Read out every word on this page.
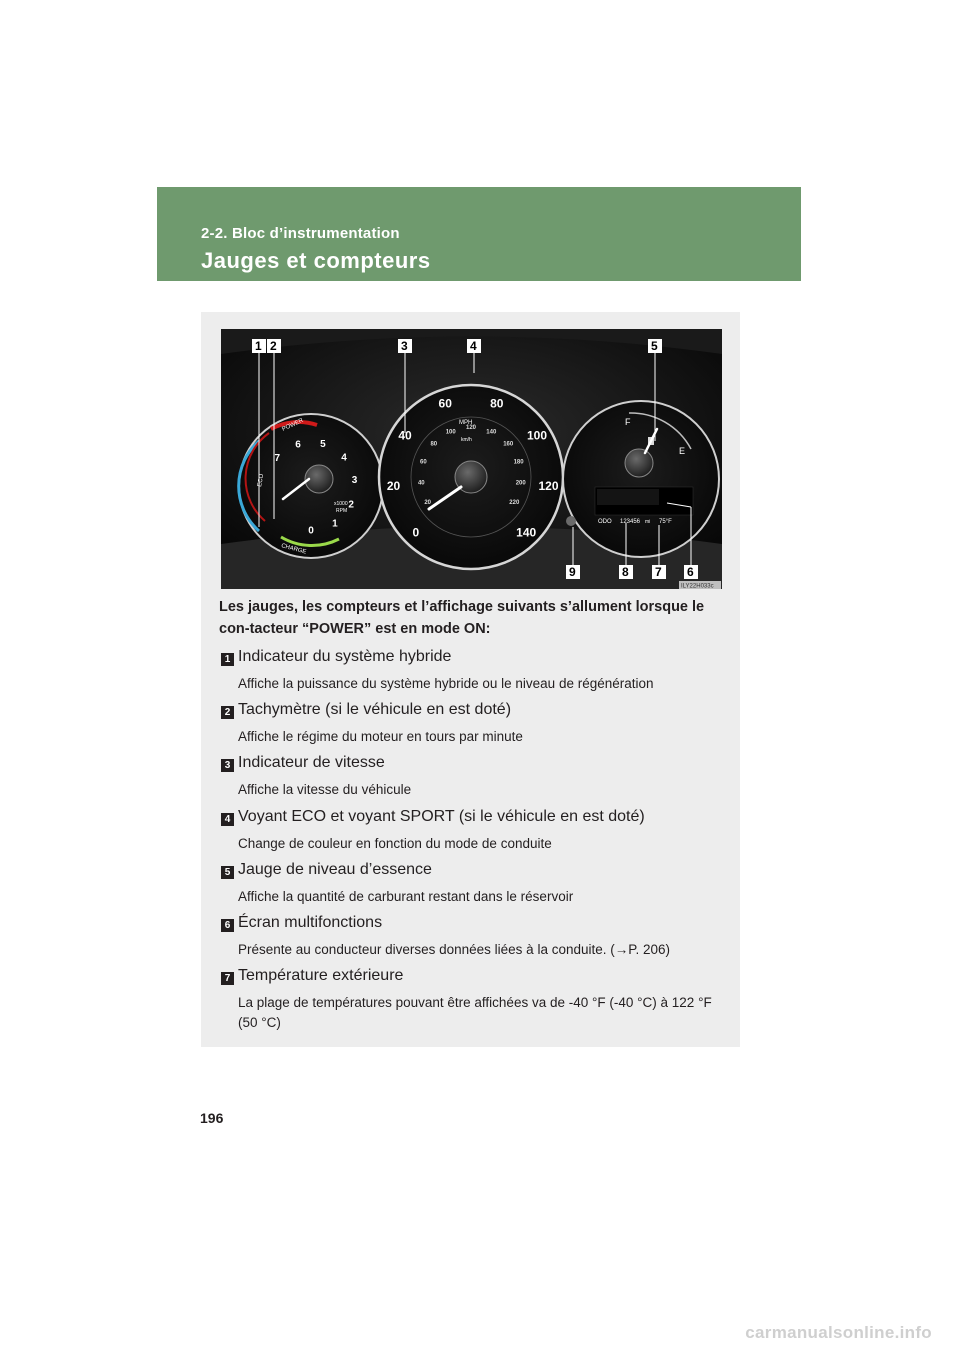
2-2. Bloc d’instrumentation
Jauges et compteurs
POWER
ECO
CHARGE
x1000
RPM
7
6 5
4
3
2
1
0
MPH
km/h
0
20
40
60	80
100
120
140
20
40
60
80
100
120
140
160
180
200
220
F
E
ODO 123456 mi 75°F
1 2	3	4	5
9	8 7 6
ILY22H033c
Les jauges, les compteurs et l’affichage suivants s’allument lorsque le con-tacteur “POWER” est en mode ON:
1 Indicateur du système hybride
Affiche la puissance du système hybride ou le niveau de régénération
2 Tachymètre (si le véhicule en est doté)
Affiche le régime du moteur en tours par minute
3 Indicateur de vitesse
Affiche la vitesse du véhicule
4 Voyant ECO et voyant SPORT (si le véhicule en est doté)
Change de couleur en fonction du mode de conduite
5 Jauge de niveau d’essence
Affiche la quantité de carburant restant dans le réservoir
6 Écran multifonctions
Présente au conducteur diverses données liées à la conduite. (→P. 206)
7 Température extérieure
La plage de températures pouvant être affichées va de -40 °F (-40 °C) à 122 °F (50 °C)
196
carmanualsonline.info
